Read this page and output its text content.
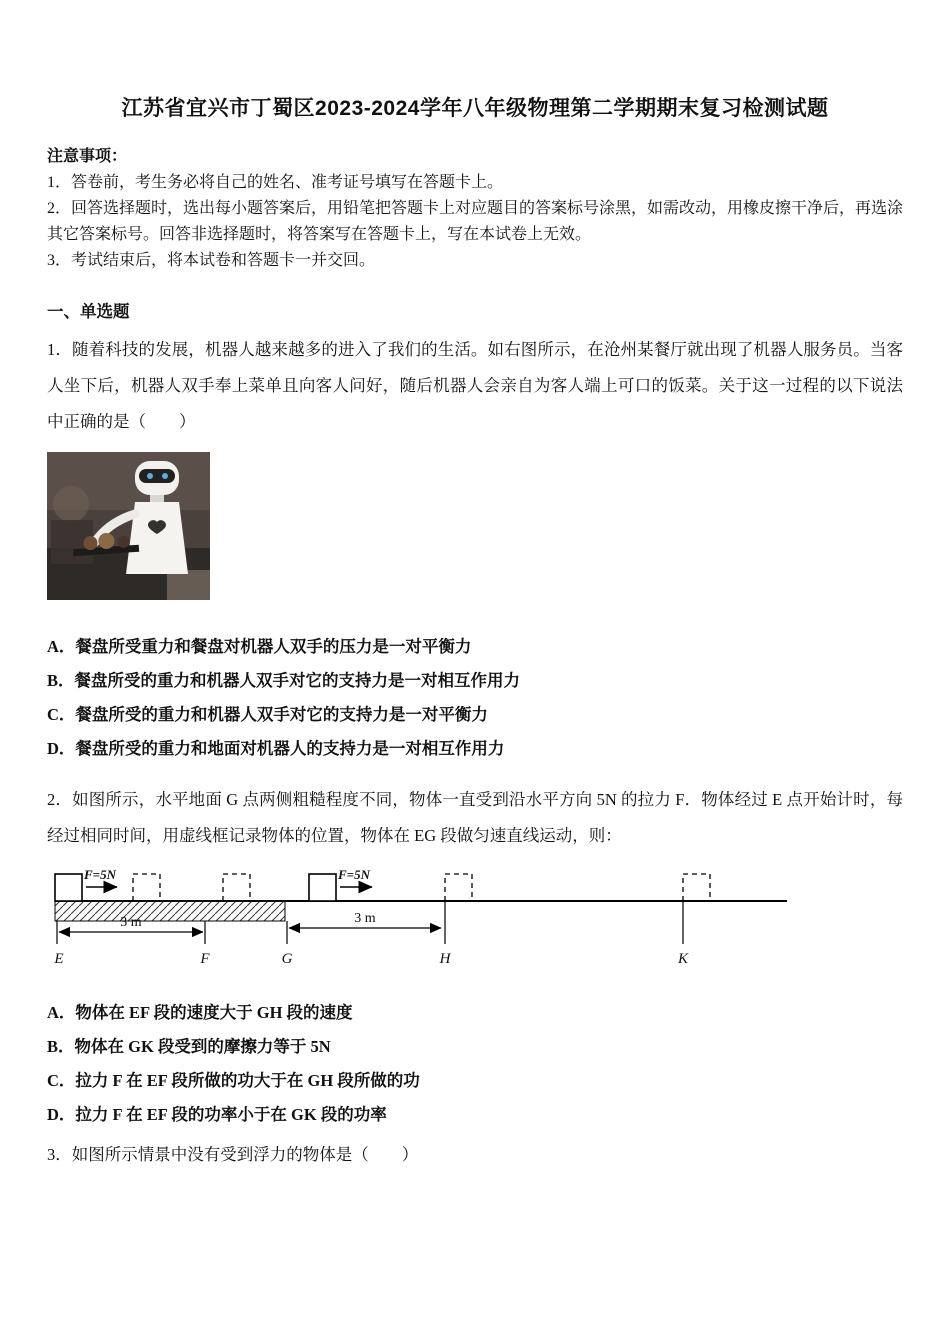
江苏省宜兴市丁蜀区2023-2024学年八年级物理第二学期期末复习检测试题
注意事项：
1．答卷前，考生务必将自己的姓名、准考证号填写在答题卡上。
2．回答选择题时，选出每小题答案后，用铅笔把答题卡上对应题目的答案标号涂黑，如需改动，用橡皮擦干净后，再选涂其它答案标号。回答非选择题时，将答案写在答题卡上，写在本试卷上无效。
3．考试结束后，将本试卷和答题卡一并交回。
一、单选题
1．随着科技的发展，机器人越来越多的进入了我们的生活。如右图所示，在沧州某餐厅就出现了机器人服务员。当客人坐下后，机器人双手奉上菜单且向客人问好，随后机器人会亲自为客人端上可口的饭菜。关于这一过程的以下说法中正确的是（　　）
A．餐盘所受重力和餐盘对机器人双手的压力是一对平衡力
B．餐盘所受的重力和机器人双手对它的支持力是一对相互作用力
C．餐盘所受的重力和机器人双手对它的支持力是一对平衡力
D．餐盘所受的重力和地面对机器人的支持力是一对相互作用力
2．如图所示，水平地面 G 点两侧粗糙程度不同，物体一直受到沿水平方向 5N 的拉力 F．物体经过 E 点开始计时，每经过相同时间，用虚线框记录物体的位置，物体在 EG 段做匀速直线运动，则：
F=5N	F=5N
3 m	3 m
E	F	G	H	K
A．物体在 EF 段的速度大于 GH 段的速度
B．物体在 GK 段受到的摩擦力等于 5N
C．拉力 F 在 EF 段所做的功大于在 GH 段所做的功
D．拉力 F 在 EF 段的功率小于在 GK 段的功率
3．如图所示情景中没有受到浮力的物体是（　　）
